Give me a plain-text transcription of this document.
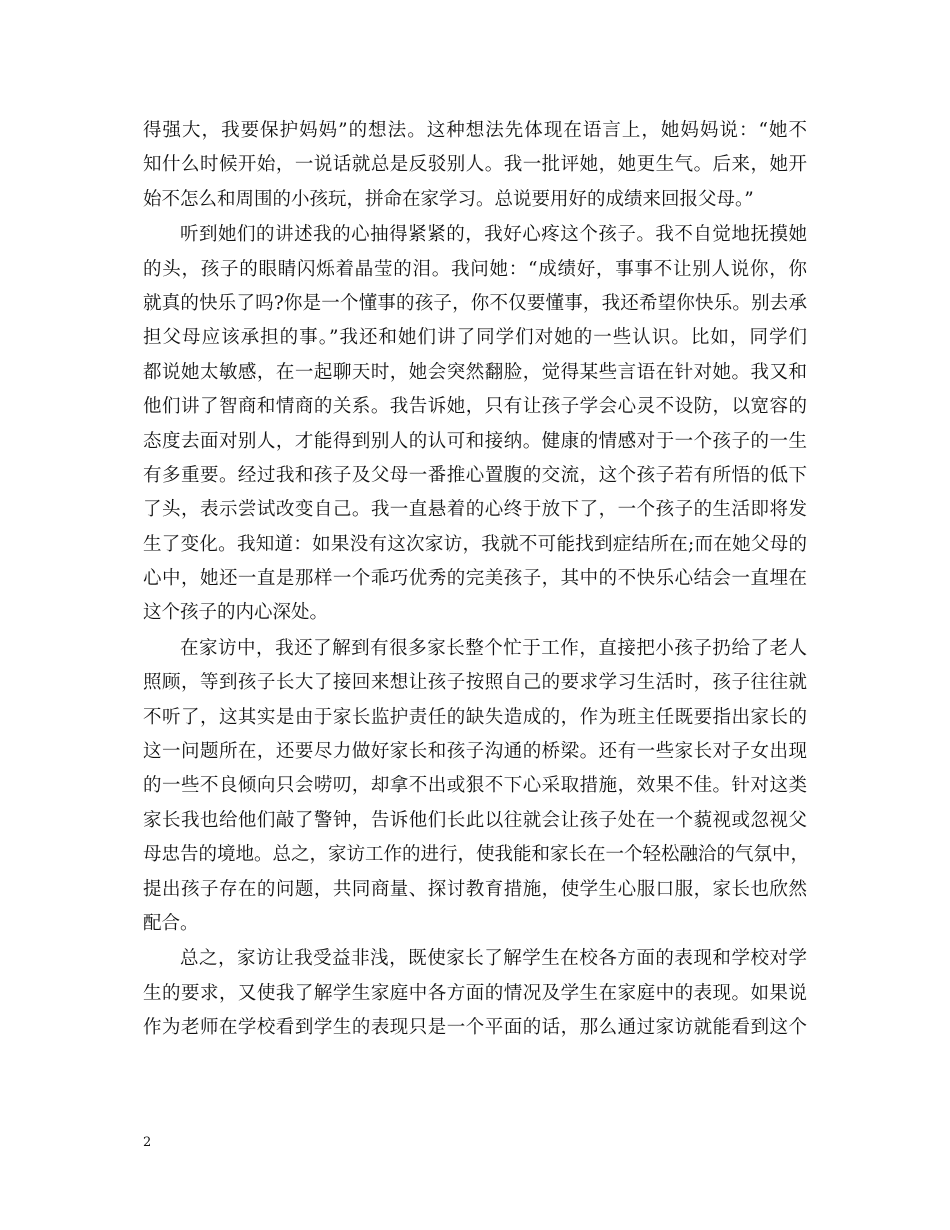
得强大，我要保护妈妈”的想法。这种想法先体现在语言上，她妈妈说：“她不
知什么时候开始，一说话就总是反驳别人。我一批评她，她更生气。后来，她开
始不怎么和周围的小孩玩，拼命在家学习。总说要用好的成绩来回报父母。”
听到她们的讲述我的心抽得紧紧的，我好心疼这个孩子。我不自觉地抚摸她
的头，孩子的眼睛闪烁着晶莹的泪。我问她：“成绩好，事事不让别人说你，你
就真的快乐了吗?你是一个懂事的孩子，你不仅要懂事，我还希望你快乐。别去承
担父母应该承担的事。”我还和她们讲了同学们对她的一些认识。比如，同学们
都说她太敏感，在一起聊天时，她会突然翻脸，觉得某些言语在针对她。我又和
他们讲了智商和情商的关系。我告诉她，只有让孩子学会心灵不设防，以宽容的
态度去面对别人，才能得到别人的认可和接纳。健康的情感对于一个孩子的一生
有多重要。经过我和孩子及父母一番推心置腹的交流，这个孩子若有所悟的低下
了头，表示尝试改变自己。我一直悬着的心终于放下了，一个孩子的生活即将发
生了变化。我知道：如果没有这次家访，我就不可能找到症结所在;而在她父母的
心中，她还一直是那样一个乖巧优秀的完美孩子，其中的不快乐心结会一直埋在
这个孩子的内心深处。
在家访中，我还了解到有很多家长整个忙于工作，直接把小孩子扔给了老人
照顾，等到孩子长大了接回来想让孩子按照自己的要求学习生活时，孩子往往就
不听了，这其实是由于家长监护责任的缺失造成的，作为班主任既要指出家长的
这一问题所在，还要尽力做好家长和孩子沟通的桥梁。还有一些家长对子女出现
的一些不良倾向只会唠叨，却拿不出或狠不下心采取措施，效果不佳。针对这类
家长我也给他们敲了警钟，告诉他们长此以往就会让孩子处在一个藐视或忽视父
母忠告的境地。总之，家访工作的进行，使我能和家长在一个轻松融洽的气氛中，
提出孩子存在的问题，共同商量、探讨教育措施，使学生心服口服，家长也欣然
配合。
总之，家访让我受益非浅，既使家长了解学生在校各方面的表现和学校对学
生的要求，又使我了解学生家庭中各方面的情况及学生在家庭中的表现。如果说
作为老师在学校看到学生的表现只是一个平面的话，那么通过家访就能看到这个
2
